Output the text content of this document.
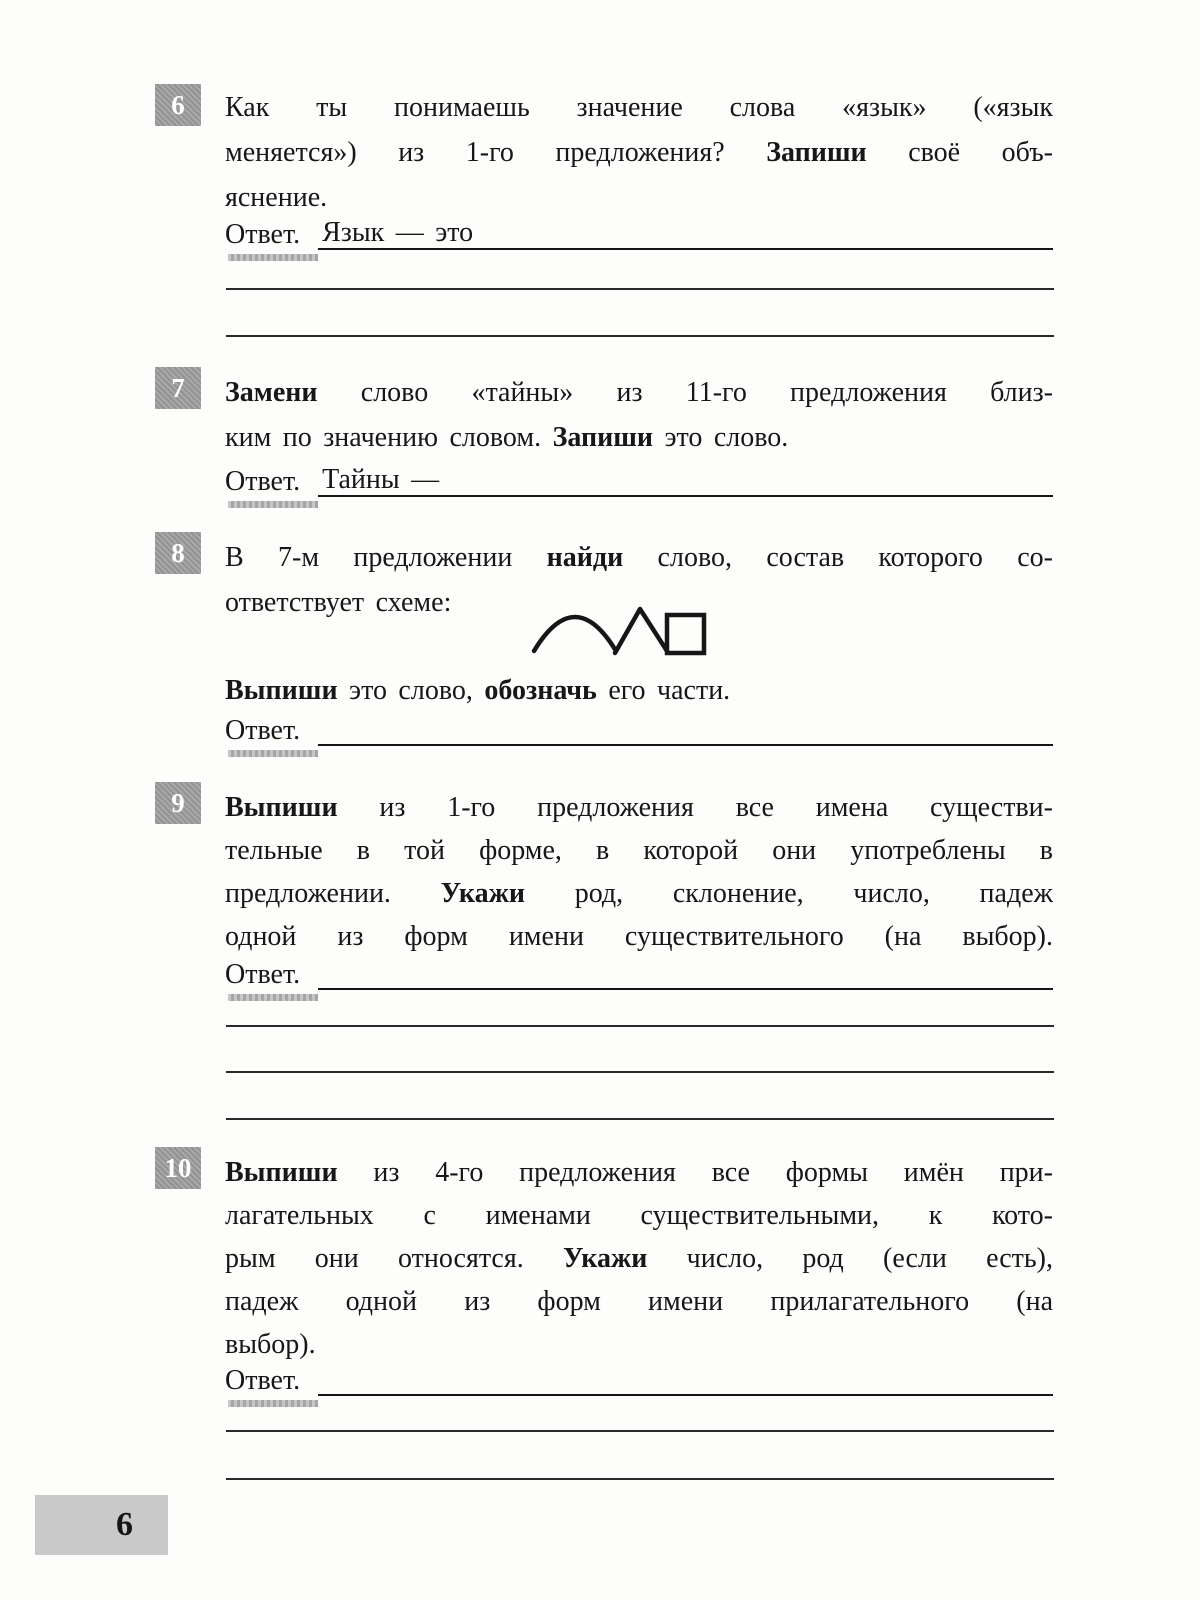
6	Как ты понимаешь значение слова «язык» («язык
меняется») из 1-го предложения? Запиши своё объ-
яснение.
Ответ. Язык — это
7	Замени слово «тайны» из 11-го предложения близ-
ким по значению словом. Запиши это слово.
Ответ. Тайны —
8	В 7-м предложении найди слово, состав которого со-
ответствует схеме:
Выпиши это слово, обозначь его части.
Ответ.
9	Выпиши из 1-го предложения все имена существи-
тельные в той форме, в которой они употреблены в
предложении. Укажи род, склонение, число, падеж
одной из форм имени существительного (на выбор).
Ответ.
10	Выпиши из 4-го предложения все формы имён при-
лагательных с именами существительными, к кото-
рым они относятся. Укажи число, род (если есть),
падеж одной из форм имени прилагательного (на
выбор).
Ответ.
6
